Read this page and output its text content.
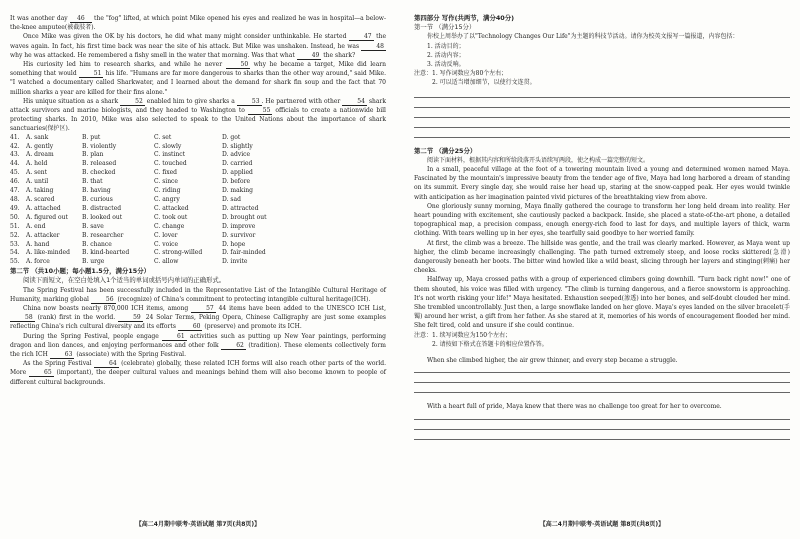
It was another day 46 the "fog" lifted, at which point Mike opened his eyes and realized he was in hospital—a below-the-knee amputee(被截肢者).

Once Mike was given the OK by his doctors, he did what many might consider unthinkable. He started	47 the waves again. In fact, his first time back was near the site of his attack. But Mike was unshaken. Instead, he was	48 why he was attacked. He remembered a fishy smell in the water that morning. Was that what	49 the shark?

His curiosity led him to research sharks, and while he never	50 why he became a target, Mike did learn something that would	51 his life. "Humans are far more dangerous to sharks than the other way around," said Mike. "I watched a documentary called Sharkwater, and I learned about the demand for shark fin soup and the fact that 70 million sharks a year are killed for their fins alone."

His unique situation as a shark	52 enabled him to give sharks a	53 . He partnered with other	54 shark attack survivors and marine biologists, and they headed to Washington to	55 officials to create a nationwide bill protecting sharks. In 2010, Mike was also selected to speak to the United Nations about the importance of shark sanctuaries(保护区).

41.	A. sank	B. put	C. set	D. got
42.	A. gently	B. violently	C. slowly	D. slightly
43.	A. dream	B. plan	C. instinct	D. advice
44.	A. held	B. released	C. touched	D. carried
45.	A. sent	B. checked	C. fixed	D. applied
46.	A. until	B. that	C. since	D. before
47.	A. taking	B. having	C. riding	D. making
48.	A. scared	B. curious	C. angry	D. sad
49.	A. attached	B. distracted	C. attacked	D. attracted
50.	A. figured out	B. looked out	C. took out	D. brought out
51.	A. end	B. save	C. change	D. improve
52.	A. attacker	B. researcher	C. lover	D. survivor
53.	A. hand	B. chance	C. voice	D. hope
54.	A. like-minded	B. kind-hearted	C. strong-willed	D. fair-minded
55.	A. force	B. urge	C. allow	D. invite

第二节 （共10小题；每小题1.5分，满分15分）

阅读下面短文，在空白处填入1个适当的单词或括号内单词的正确形式。

The Spring Festival has been successfully included in the Representative List of the Intangible Cultural Heritage of Humanity, marking global	56 (recognize) of China's commitment to protecting intangible cultural heritage(ICH).

China now boasts nearly 870,000 ICH items, among	57 44 items have been added to the UNESCO ICH List, 58 (rank) first in the world.	59 24 Solar Terms, Peking Opera, Chinese Calligraphy are just some examples reflecting China's rich cultural diversity and its efforts	60 (preserve) and promote its ICH.

During the Spring Festival, people engage	61 activities such as putting up New Year paintings, performing dragon and lion dances, and enjoying performances and other folk	62 (tradition). These elements collectively form the rich ICH	63 (associate) with the Spring Festival.

As the Spring Festival	64 (celebrate) globally, these related ICH forms will also reach other parts of the world. More	65 (important), the deeper cultural values and meanings behind them will also become known to people of different cultural backgrounds.

【高二4月期中联考·英语试题 第7页(共8页)】

第四部分 写作(共两节，满分40分)

第一节 （满分15分）

你校上周举办了以"Technology Changes Our Life"为主题的科技节活动。请你为校英文报写一篇报道，内容包括：

1. 活动目的；

2. 活动内容；

3. 活动反响。

注意：1. 写作词数应为80个左右；

2. 可以适当增加细节，以使行文连贯。

第二节 （满分25分）

阅读下面材料，根据其内容和所给段落开头语续写两段，使之构成一篇完整的短文。

In a small, peaceful village at the foot of a towering mountain lived a young and determined women named Maya. Fascinated by the mountain's impressive beauty from the tender age of five, Maya had long harbored a dream of standing on its summit. Every single day, she would raise her head up, staring at the snow-capped peak. Her eyes would twinkle with anticipation as her imagination painted vivid pictures of the breathtaking view from above.

One gloriously sunny morning, Maya finally gathered the courage to transform her long held dream into reality. Her heart pounding with excitement, she cautiously packed a backpack. Inside, she placed a state-of-the-art phone, a detailed topographical map, a precision compass, enough energy-rich food to last for days, and multiple layers of thick, warm clothing. With tears welling up in her eyes, she tearfully said goodbye to her worried family.

At first, the climb was a breeze. The hillside was gentle, and the trail was clearly marked. However, as Maya went up higher, the climb became increasingly challenging. The path turned extremely steep, and loose rocks skittered(急滑) dangerously beneath her boots. The bitter wind howled like a wild beast, slicing through her layers and stinging(刺痛) her cheeks.

Halfway up, Maya crossed paths with a group of experienced climbers going downhill. "Turn back right now!" one of them shouted, his voice was filled with urgency. "The climb is turning dangerous, and a fierce snowstorm is approaching. It's not worth risking your life!" Maya hesitated. Exhaustion seeped(渗透) into her bones, and self-doubt clouded her mind. She trembled uncontrollably. Just then, a large snowflake landed on her glove. Maya's eyes landed on the silver bracelet(手镯) around her wrist, a gift from her father. As she stared at it, memories of his words of encouragement flooded her mind. She felt tired, cold and unsure if she could continue.

注意：1. 续写词数应为150个左右；

2. 请按如下格式在答题卡的相应位置作答。

When she climbed higher, the air grew thinner, and every step became a struggle.

With a heart full of pride, Maya knew that there was no challenge too great for her to overcome.

【高二4月期中联考·英语试题 第8页(共8页)】
